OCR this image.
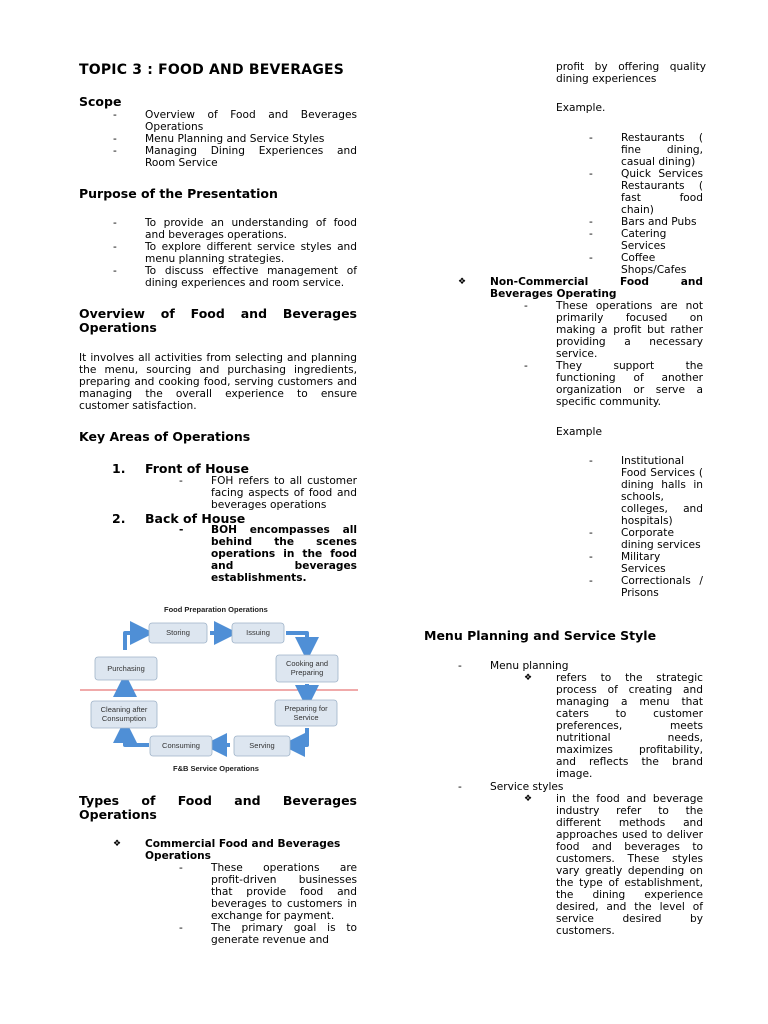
TOPIC 3 : FOOD AND BEVERAGES
Scope
-	Overview of Food and Beverages Operations
-	Menu Planning and Service Styles
-	Managing Dining Experiences and Room Service
Purpose of the Presentation
-	To provide an understanding of food and beverages operations.
-	To explore different service styles and menu planning strategies.
-	To discuss effective management of dining experiences and room service.
Overview of Food and Beverages Operations
It involves all activities from selecting and planning the menu, sourcing and purchasing ingredients, preparing and cooking food, serving customers and managing the overall experience to ensure customer satisfaction.
Key Areas of Operations
1. Front of House
-	FOH refers to all customer facing aspects of food and beverages operations
2. Back of House
-	BOH encompasses all behind the scenes operations in the food and beverages establishments.
Food Preparation Operations
Storing	Issuing
Cooking and Preparing
Preparing for Service
Serving
Consuming
Cleaning after Consumption
Purchasing
F&B Service Operations
Types of Food and Beverages Operations
❖ Commercial Food and Beverages Operations
-	These operations are profit-driven businesses that provide food and beverages to customers in exchange for payment.
-	The primary goal is to generate revenue and
profit by offering quality dining experiences
Example.
-	Restaurants ( fine dining, casual dining)
-	Quick Services Restaurants ( fast food chain)
-	Bars and Pubs
-	Catering Services
-	Coffee Shops/Cafes
❖ Non-Commercial Food and Beverages Operating
-	These operations are not primarily focused on making a profit but rather providing a necessary service.
-	They support the functioning of another organization or serve a specific community.
Example
-	Institutional Food Services ( dining halls in schools, colleges, and hospitals)
-	Corporate dining services
-	Military Services
-	Correctionals / Prisons
Menu Planning and Service Style
-	Menu planning
❖ refers to the strategic process of creating and managing a menu that caters to customer preferences, meets nutritional needs, maximizes profitability, and reflects the brand image.
-	Service styles
❖ in the food and beverage industry refer to the different methods and approaches used to deliver food and beverages to customers. These styles vary greatly depending on the type of establishment, the dining experience desired, and the level of service desired by customers.
